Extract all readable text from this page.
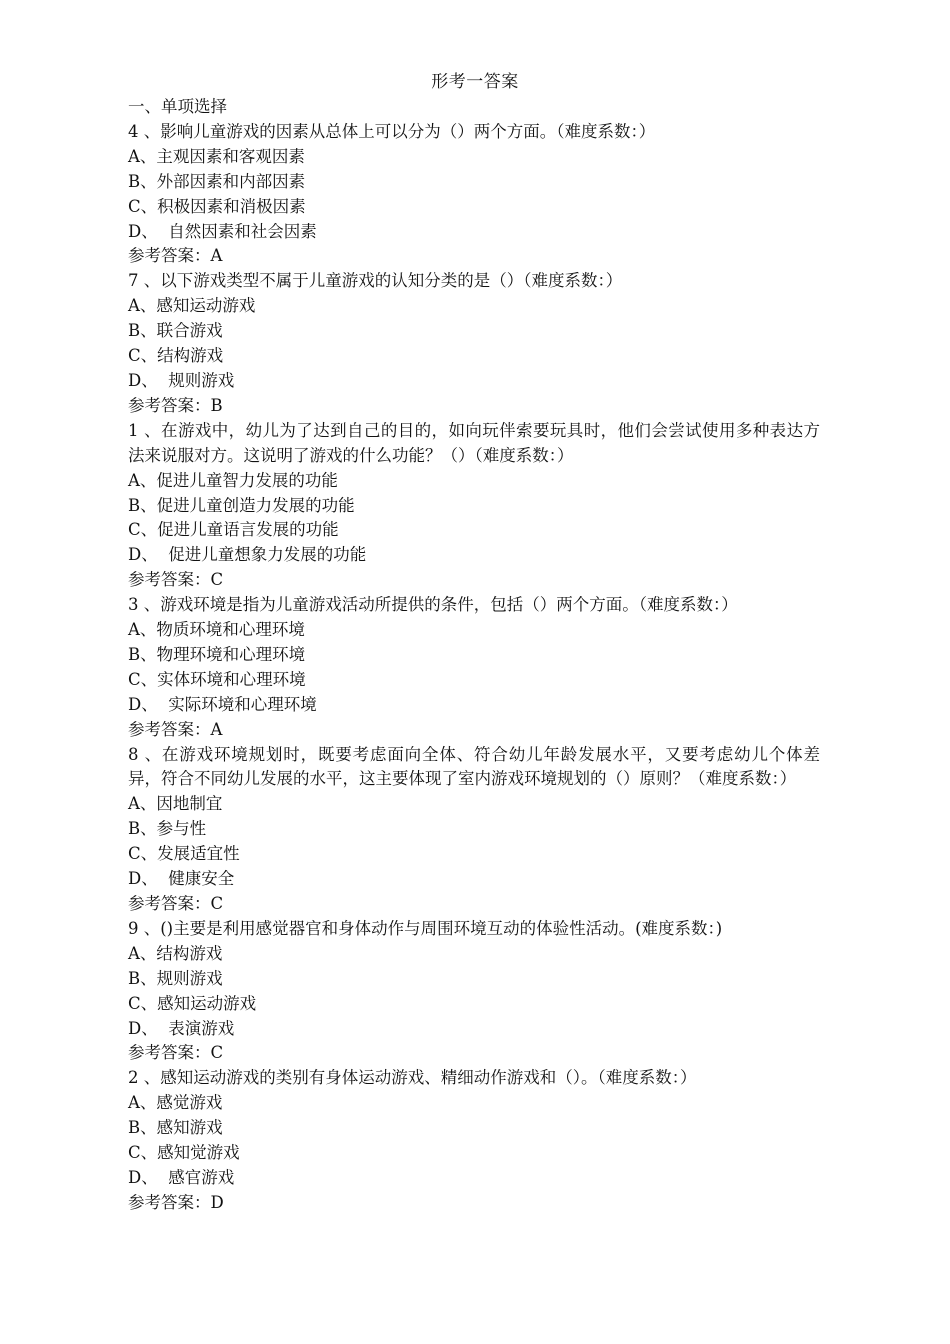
形考一答案

一、单项选择

4 、影响儿童游戏的因素从总体上可以分为（）两个方面。（难度系数：）

A、主观因素和客观因素

B、外部因素和内部因素

C、积极因素和消极因素

D、  自然因素和社会因素

参考答案：A

7 、以下游戏类型不属于儿童游戏的认知分类的是（）（难度系数：）

A、感知运动游戏

B、联合游戏

C、结构游戏

D、  规则游戏

参考答案：B

1 、在游戏中，幼儿为了达到自己的目的，如向玩伴索要玩具时，他们会尝试使用多种表达方法来说服对方。这说明了游戏的什么功能？（）（难度系数：）

A、促进儿童智力发展的功能

B、促进儿童创造力发展的功能

C、促进儿童语言发展的功能

D、  促进儿童想象力发展的功能

参考答案：C

3 、游戏环境是指为儿童游戏活动所提供的条件，包括（）两个方面。（难度系数：）

A、物质环境和心理环境

B、物理环境和心理环境

C、实体环境和心理环境

D、  实际环境和心理环境

参考答案：A

8 、在游戏环境规划时，既要考虑面向全体、符合幼儿年龄发展水平，又要考虑幼儿个体差异，符合不同幼儿发展的水平，这主要体现了室内游戏环境规划的（）原则？（难度系数：）

A、因地制宜

B、参与性

C、发展适宜性

D、  健康安全

参考答案：C

9 、()主要是利用感觉器官和身体动作与周围环境互动的体验性活动。(难度系数：)

A、结构游戏

B、规则游戏

C、感知运动游戏

D、  表演游戏

参考答案：C

2 、感知运动游戏的类别有身体运动游戏、精细动作游戏和（）。（难度系数：）

A、感觉游戏

B、感知游戏

C、感知觉游戏

D、  感官游戏

参考答案：D
